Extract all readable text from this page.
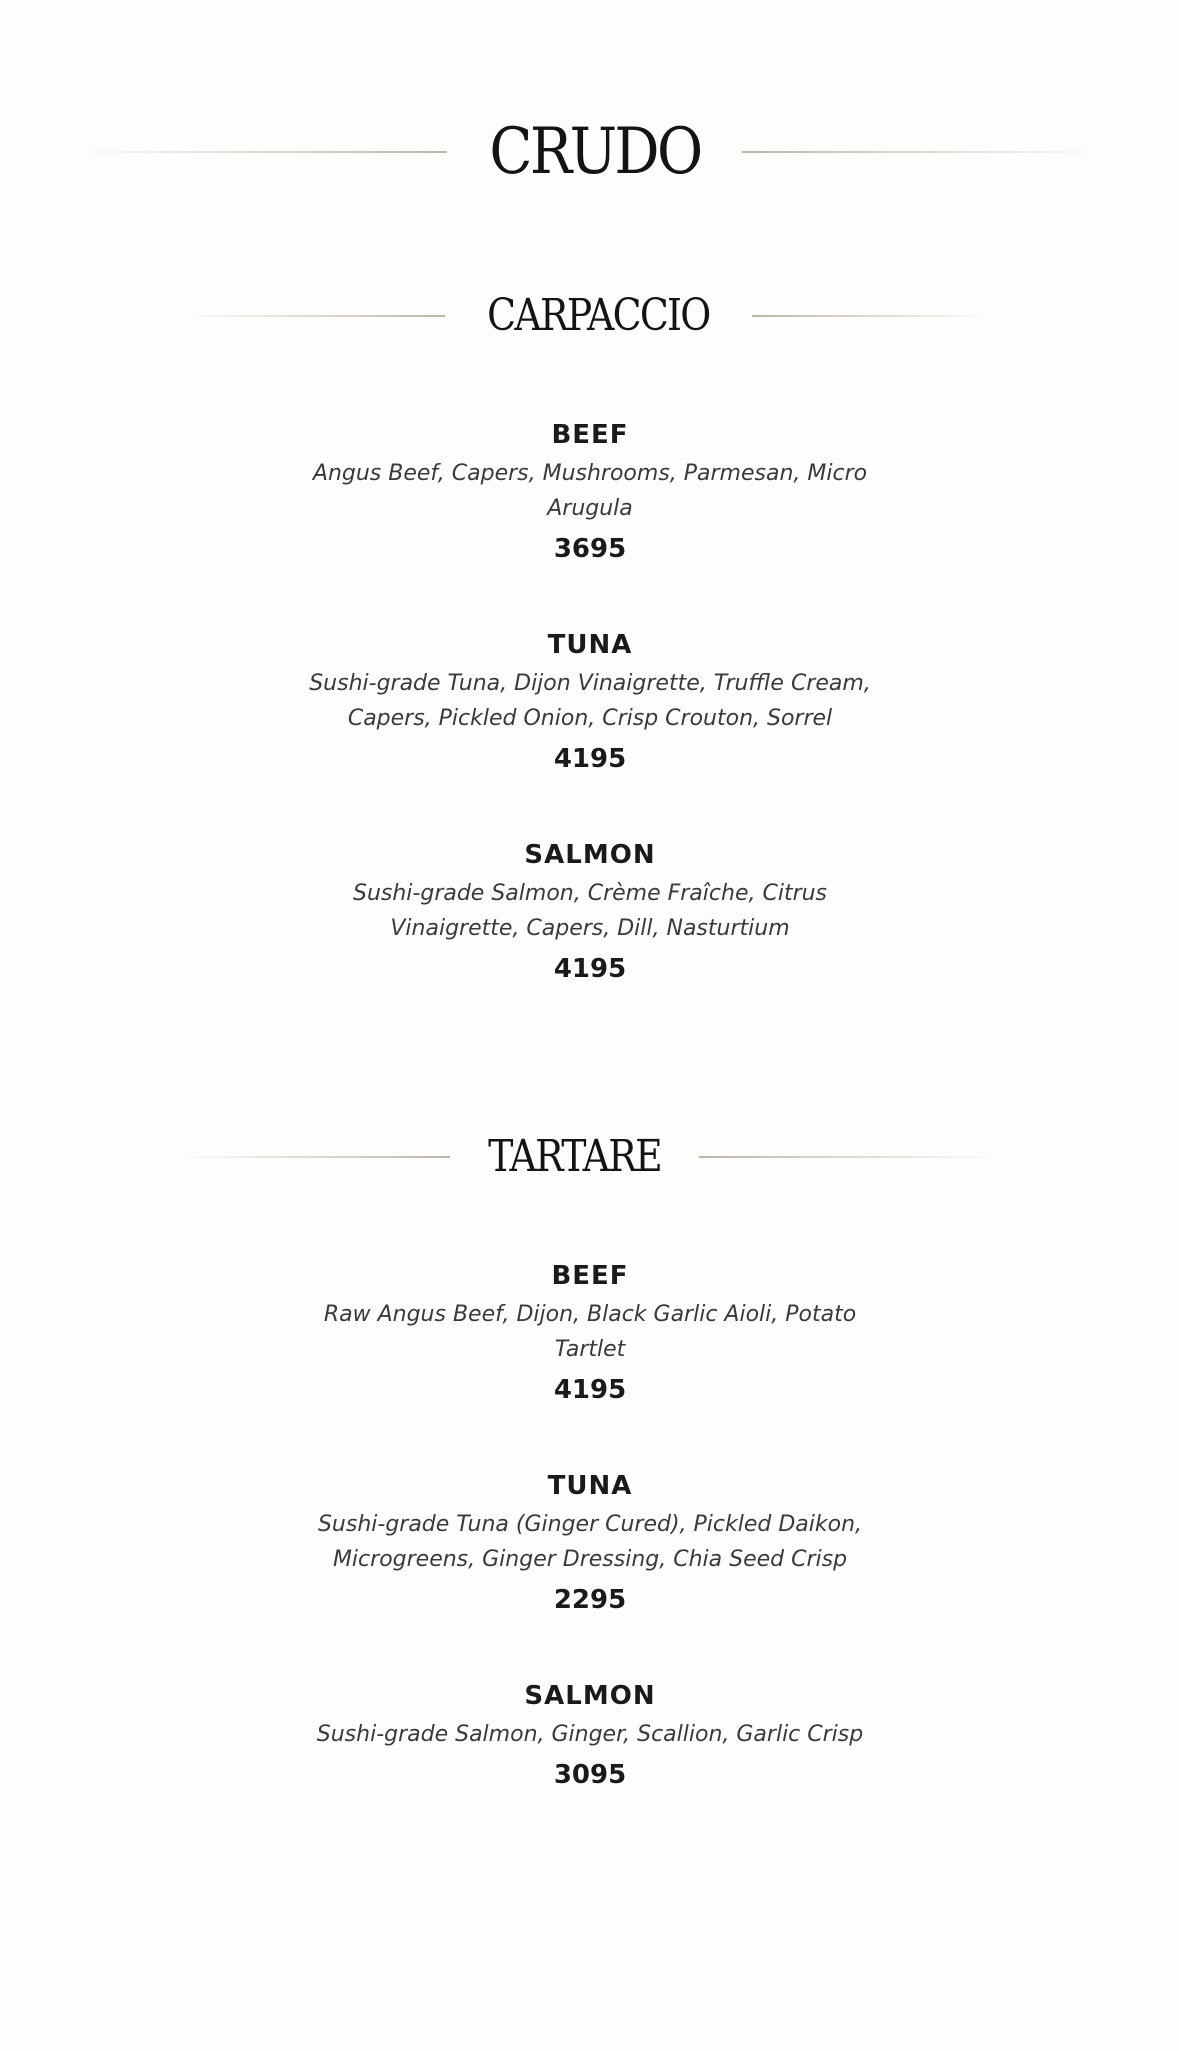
CRUDO
CARPACCIO
BEEF
Angus Beef, Capers, Mushrooms, Parmesan, Micro Arugula
3695
TUNA
Sushi-grade Tuna, Dijon Vinaigrette, Truffle Cream, Capers, Pickled Onion, Crisp Crouton, Sorrel
4195
SALMON
Sushi-grade Salmon, Crème Fraîche, Citrus Vinaigrette, Capers, Dill, Nasturtium
4195
TARTARE
BEEF
Raw Angus Beef, Dijon, Black Garlic Aioli, Potato Tartlet
4195
TUNA
Sushi-grade Tuna (Ginger Cured), Pickled Daikon, Microgreens, Ginger Dressing, Chia Seed Crisp
2295
SALMON
Sushi-grade Salmon, Ginger, Scallion, Garlic Crisp
3095
